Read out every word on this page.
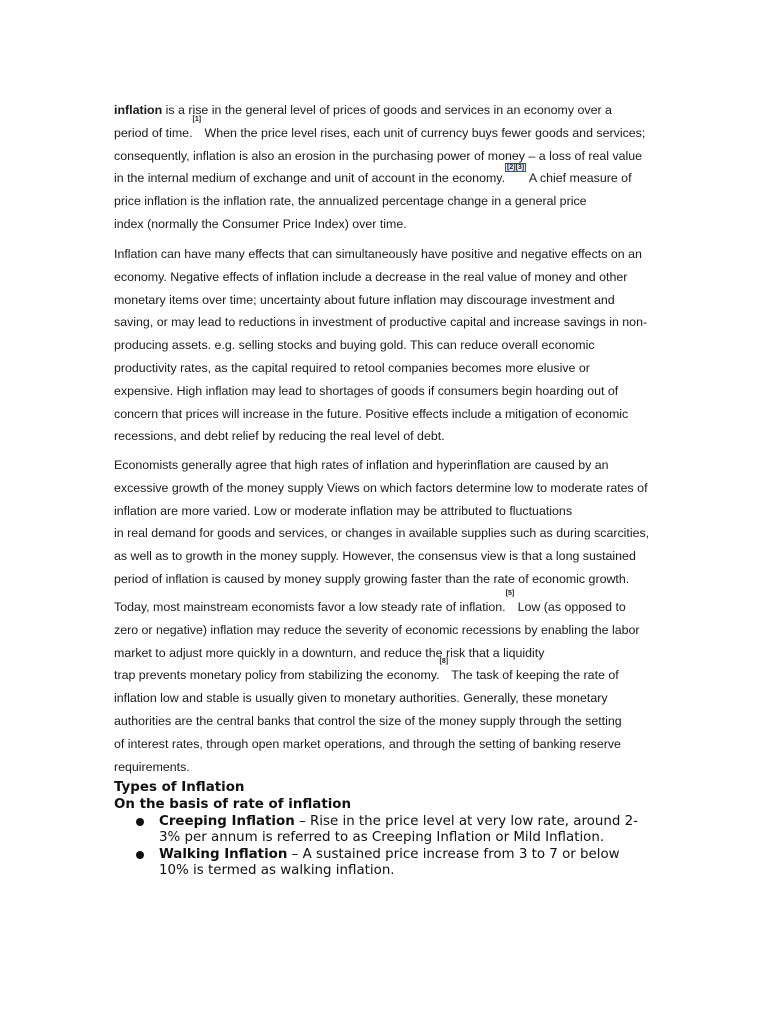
inflation is a rise in the general level of prices of goods and services in an economy over a
period of time.[1] When the price level rises, each unit of currency buys fewer goods and services;
consequently, inflation is also an erosion in the purchasing power of money – a loss of real value
in the internal medium of exchange and unit of account in the economy.[2][3] A chief measure of
price inflation is the inflation rate, the annualized percentage change in a general price
index (normally the Consumer Price Index) over time.
Inflation can have many effects that can simultaneously have positive and negative effects on an
economy. Negative effects of inflation include a decrease in the real value of money and other
monetary items over time; uncertainty about future inflation may discourage investment and
saving, or may lead to reductions in investment of productive capital and increase savings in non-
producing assets. e.g. selling stocks and buying gold. This can reduce overall economic
productivity rates, as the capital required to retool companies becomes more elusive or
expensive. High inflation may lead to shortages of goods if consumers begin hoarding out of
concern that prices will increase in the future. Positive effects include a mitigation of economic
recessions, and debt relief by reducing the real level of debt.
Economists generally agree that high rates of inflation and hyperinflation are caused by an
excessive growth of the money supply Views on which factors determine low to moderate rates of
inflation are more varied. Low or moderate inflation may be attributed to fluctuations
in real demand for goods and services, or changes in available supplies such as during scarcities,
as well as to growth in the money supply. However, the consensus view is that a long sustained
period of inflation is caused by money supply growing faster than the rate of economic growth.
Today, most mainstream economists favor a low steady rate of inflation.[5] Low (as opposed to
zero or negative) inflation may reduce the severity of economic recessions by enabling the labor
market to adjust more quickly in a downturn, and reduce the risk that a liquidity
trap prevents monetary policy from stabilizing the economy.[8] The task of keeping the rate of
inflation low and stable is usually given to monetary authorities. Generally, these monetary
authorities are the central banks that control the size of the money supply through the setting
of interest rates, through open market operations, and through the setting of banking reserve
requirements.
Types of Inflation
On the basis of rate of inflation
Creeping Inflation – Rise in the price level at very low rate, around 2-
3% per annum is referred to as Creeping Inflation or Mild Inflation.
Walking Inflation – A sustained price increase from 3 to 7 or below
10% is termed as walking inflation.
